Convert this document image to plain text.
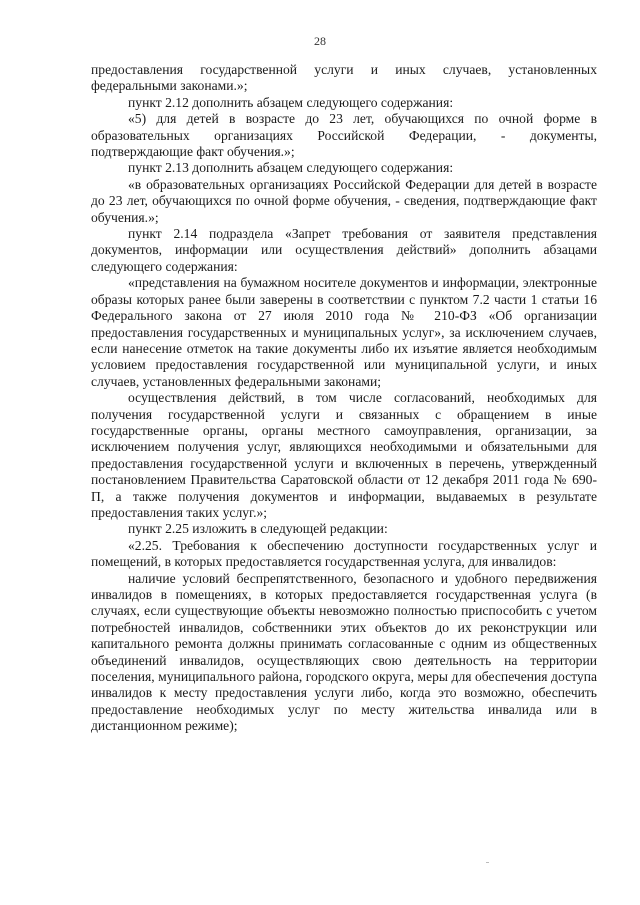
28

предоставления государственной услуги и иных случаев, установленных федеральными законами.»;

пункт 2.12 дополнить абзацем следующего содержания:

«5) для детей в возрасте до 23 лет, обучающихся по очной форме в образовательных организациях Российской Федерации, - документы, подтверждающие факт обучения.»;

пункт 2.13 дополнить абзацем следующего содержания:

«в образовательных организациях Российской Федерации для детей в возрасте до 23 лет, обучающихся по очной форме обучения, - сведения, подтверждающие факт обучения.»;

пункт 2.14 подраздела «Запрет требования от заявителя представления документов, информации или осуществления действий» дополнить абзацами следующего содержания:

«представления на бумажном носителе документов и информации, электронные образы которых ранее были заверены в соответствии с пунктом 7.2 части 1 статьи 16 Федерального закона от 27 июля 2010 года № 210-ФЗ «Об организации предоставления государственных и муниципальных услуг», за исключением случаев, если нанесение отметок на такие документы либо их изъятие является необходимым условием предоставления государственной или муниципальной услуги, и иных случаев, установленных федеральными законами;

осуществления действий, в том числе согласований, необходимых для получения государственной услуги и связанных с обращением в иные государственные органы, органы местного самоуправления, организации, за исключением получения услуг, являющихся необходимыми и обязательными для предоставления государственной услуги и включенных в перечень, утвержденный постановлением Правительства Саратовской области от 12 декабря 2011 года № 690-П, а также получения документов и информации, выдаваемых в результате предоставления таких услуг.»;

пункт 2.25 изложить в следующей редакции:

«2.25. Требования к обеспечению доступности государственных услуг и помещений, в которых предоставляется государственная услуга, для инвалидов:

наличие условий беспрепятственного, безопасного и удобного передвижения инвалидов в помещениях, в которых предоставляется государственная услуга (в случаях, если существующие объекты невозможно полностью приспособить с учетом потребностей инвалидов, собственники этих объектов до их реконструкции или капитального ремонта должны принимать согласованные с одним из общественных объединений инвалидов, осуществляющих свою деятельность на территории поселения, муниципального района, городского округа, меры для обеспечения доступа инвалидов к месту предоставления услуги либо, когда это возможно, обеспечить предоставление необходимых услуг по месту жительства инвалида или в дистанционном режиме);
